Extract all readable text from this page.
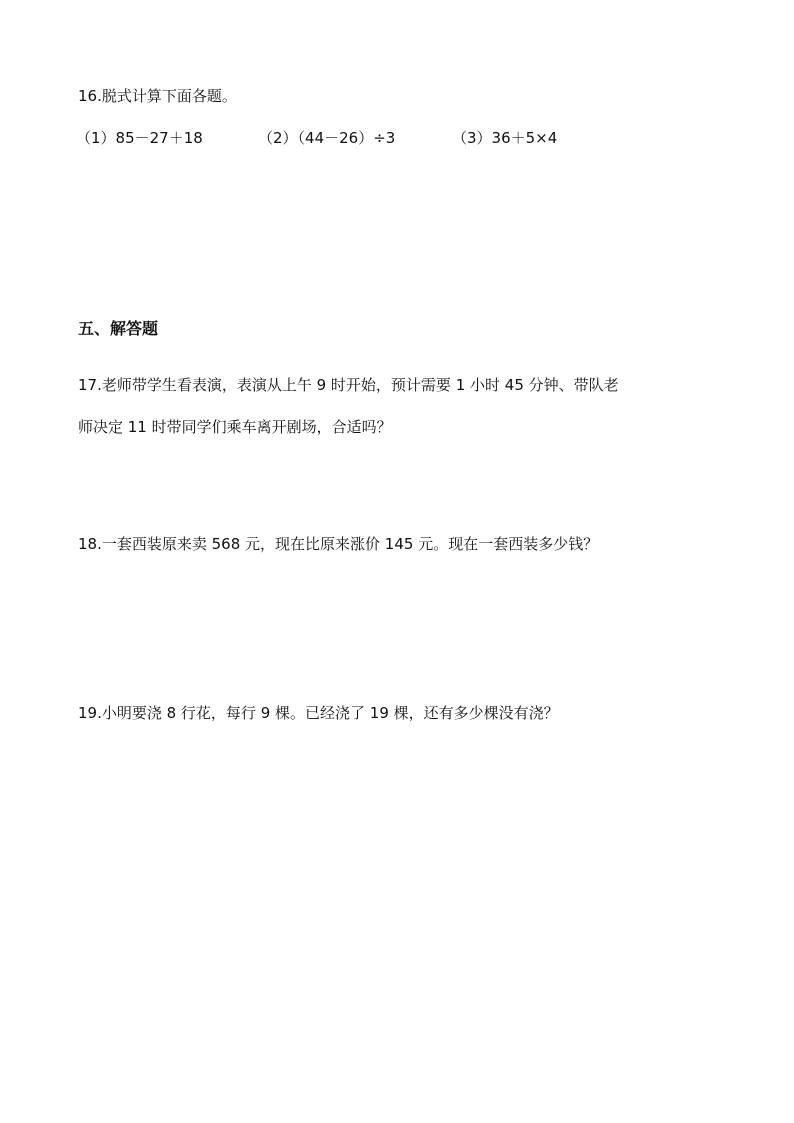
16.脱式计算下面各题。
（1）85－27＋18	（2）（44－26）÷3	（3）36＋5×4
五、解答题
17.老师带学生看表演，表演从上午 9 时开始，预计需要 1 小时 45 分钟、带队老
师决定 11 时带同学们乘车离开剧场，合适吗？
18.一套西装原来卖 568 元，现在比原来涨价 145 元。现在一套西装多少钱？
19.小明要浇 8 行花，每行 9 棵。已经浇了 19 棵，还有多少棵没有浇？
